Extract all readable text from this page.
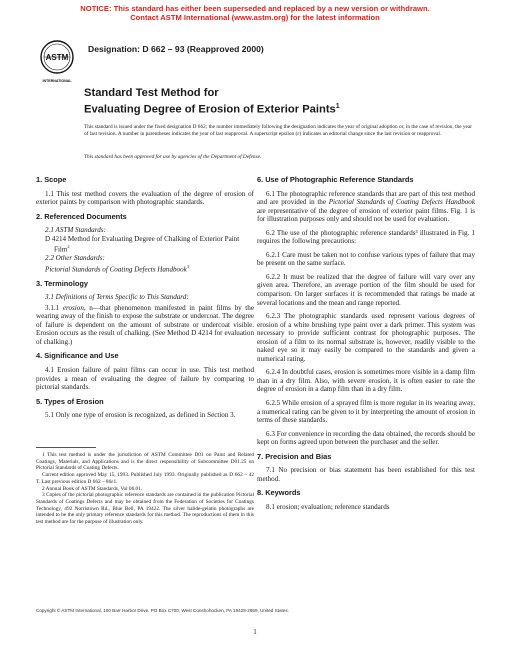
NOTICE: This standard has either been superseded and replaced by a new version or withdrawn.
Contact ASTM International (www.astm.org) for the latest information
ASTM
INTERNATIONAL
Designation: D 662 – 93 (Reapproved 2000)
Standard Test Method for
Evaluating Degree of Erosion of Exterior Paints$^1$
This standard is issued under the fixed designation D 662; the number immediately following the designation indicates the year of original adoption or, in the case of revision, the year of last revision. A number in parentheses indicates the year of last reapproval. A superscript epsilon (ε) indicates an editorial change since the last revision or reapproval.
This standard has been approved for use by agencies of the Department of Defense.
1. Scope
1.1 This test method covers the evaluation of the degree of erosion of exterior paints by comparison with photographic standards.
2. Referenced Documents
2.1 ASTM Standards:
D 4214 Method for Evaluating Degree of Chalking of Exterior Paint Film$^2$
2.2 Other Standards:
Pictorial Standards of Coating Defects Handbook$^3$
3. Terminology
3.1 Definitions of Terms Specific to This Standard:
3.1.1 erosion, n—that phenomenon manifested in paint films by the wearing away of the finish to expose the substrate or undercoat. The degree of failure is dependent on the amount of substrate or undercoat visible. Erosion occurs as the result of chalking. (See Method D 4214 for evaluation of chalking.)
4. Significance and Use
4.1 Erosion failure of paint films can occur in use. This test method provides a mean of evaluating the degree of failure by comparing to pictorial standards.
5. Types of Erosion
5.1 Only one type of erosion is recognized, as defined in Section 3.
1 This test method is under the jurisdiction of ASTM Committee D01 on Paint and Related Coatings, Materials, and Applications and is the direct responsibility of Subcommittee D01.25 on Pictorial Standards of Coating Defects.
Current edition approved May 15, 1993. Published July 1993. Originally published as D 662 – 42 T. Last previous edition D 662 – 86ε1.
2 Annual Book of ASTM Standards, Vol 06.01.
3 Copies of the pictorial photographic reference standards are contained in the publication Pictorial Standards of Coatings Defects and may be obtained from the Federation of Societies for Coatings Technology, 492 Norristown Rd., Blue Bell, PA 19422. The silver halide-gelatin photographs are intended to be the only primary reference standards for this method. The reproductions of them in this test method are for the purpose of illustration only.
6. Use of Photographic Reference Standards
6.1 The photographic reference standards that are part of this test method and are provided in the Pictorial Standards of Coating Defects Handbook are representative of the degree of erosion of exterior paint films. Fig. 1 is for illustration purposes only and should not be used for evaluation.
6.2 The use of the photographic reference standards³ illustrated in Fig. 1 requires the following precautions:
6.2.1 Care must be taken not to confuse various types of failure that may be present on the same surface.
6.2.2 It must be realized that the degree of failure will vary over any given area. Therefore, an average portion of the film should be used for comparison. On larger surfaces it is recommended that ratings be made at several locations and the mean and range reported.
6.2.3 The photographic standards used represent various degrees of erosion of a white brushing type paint over a dark primer. This system was necessary to provide sufficient contrast for photographic purposes. The erosion of a film to its normal substrate is, however, readily visible to the naked eye so it may easily be compared to the standards and given a numerical rating.
6.2.4 In doubtful cases, erosion is sometimes more visible in a damp film than in a dry film. Also, with severe erosion, it is often easier to rate the degree of erosion in a damp film than in a dry film.
6.2.5 While erosion of a sprayed film is more regular in its wearing away, a numerical rating can be given to it by interpreting the amount of erosion in terms of these standards.
6.3 For convenience in recording the data obtained, the records should be kept on forms agreed upon between the purchaser and the seller.
7. Precision and Bias
7.1 No precision or bias statement has been established for this test method.
8. Keywords
8.1 erosion; evaluation; reference standards
Copyright © ASTM International, 100 Barr Harbor Drive, PO Box C700, West Conshohocken, PA 19428-2959, United States.
1
